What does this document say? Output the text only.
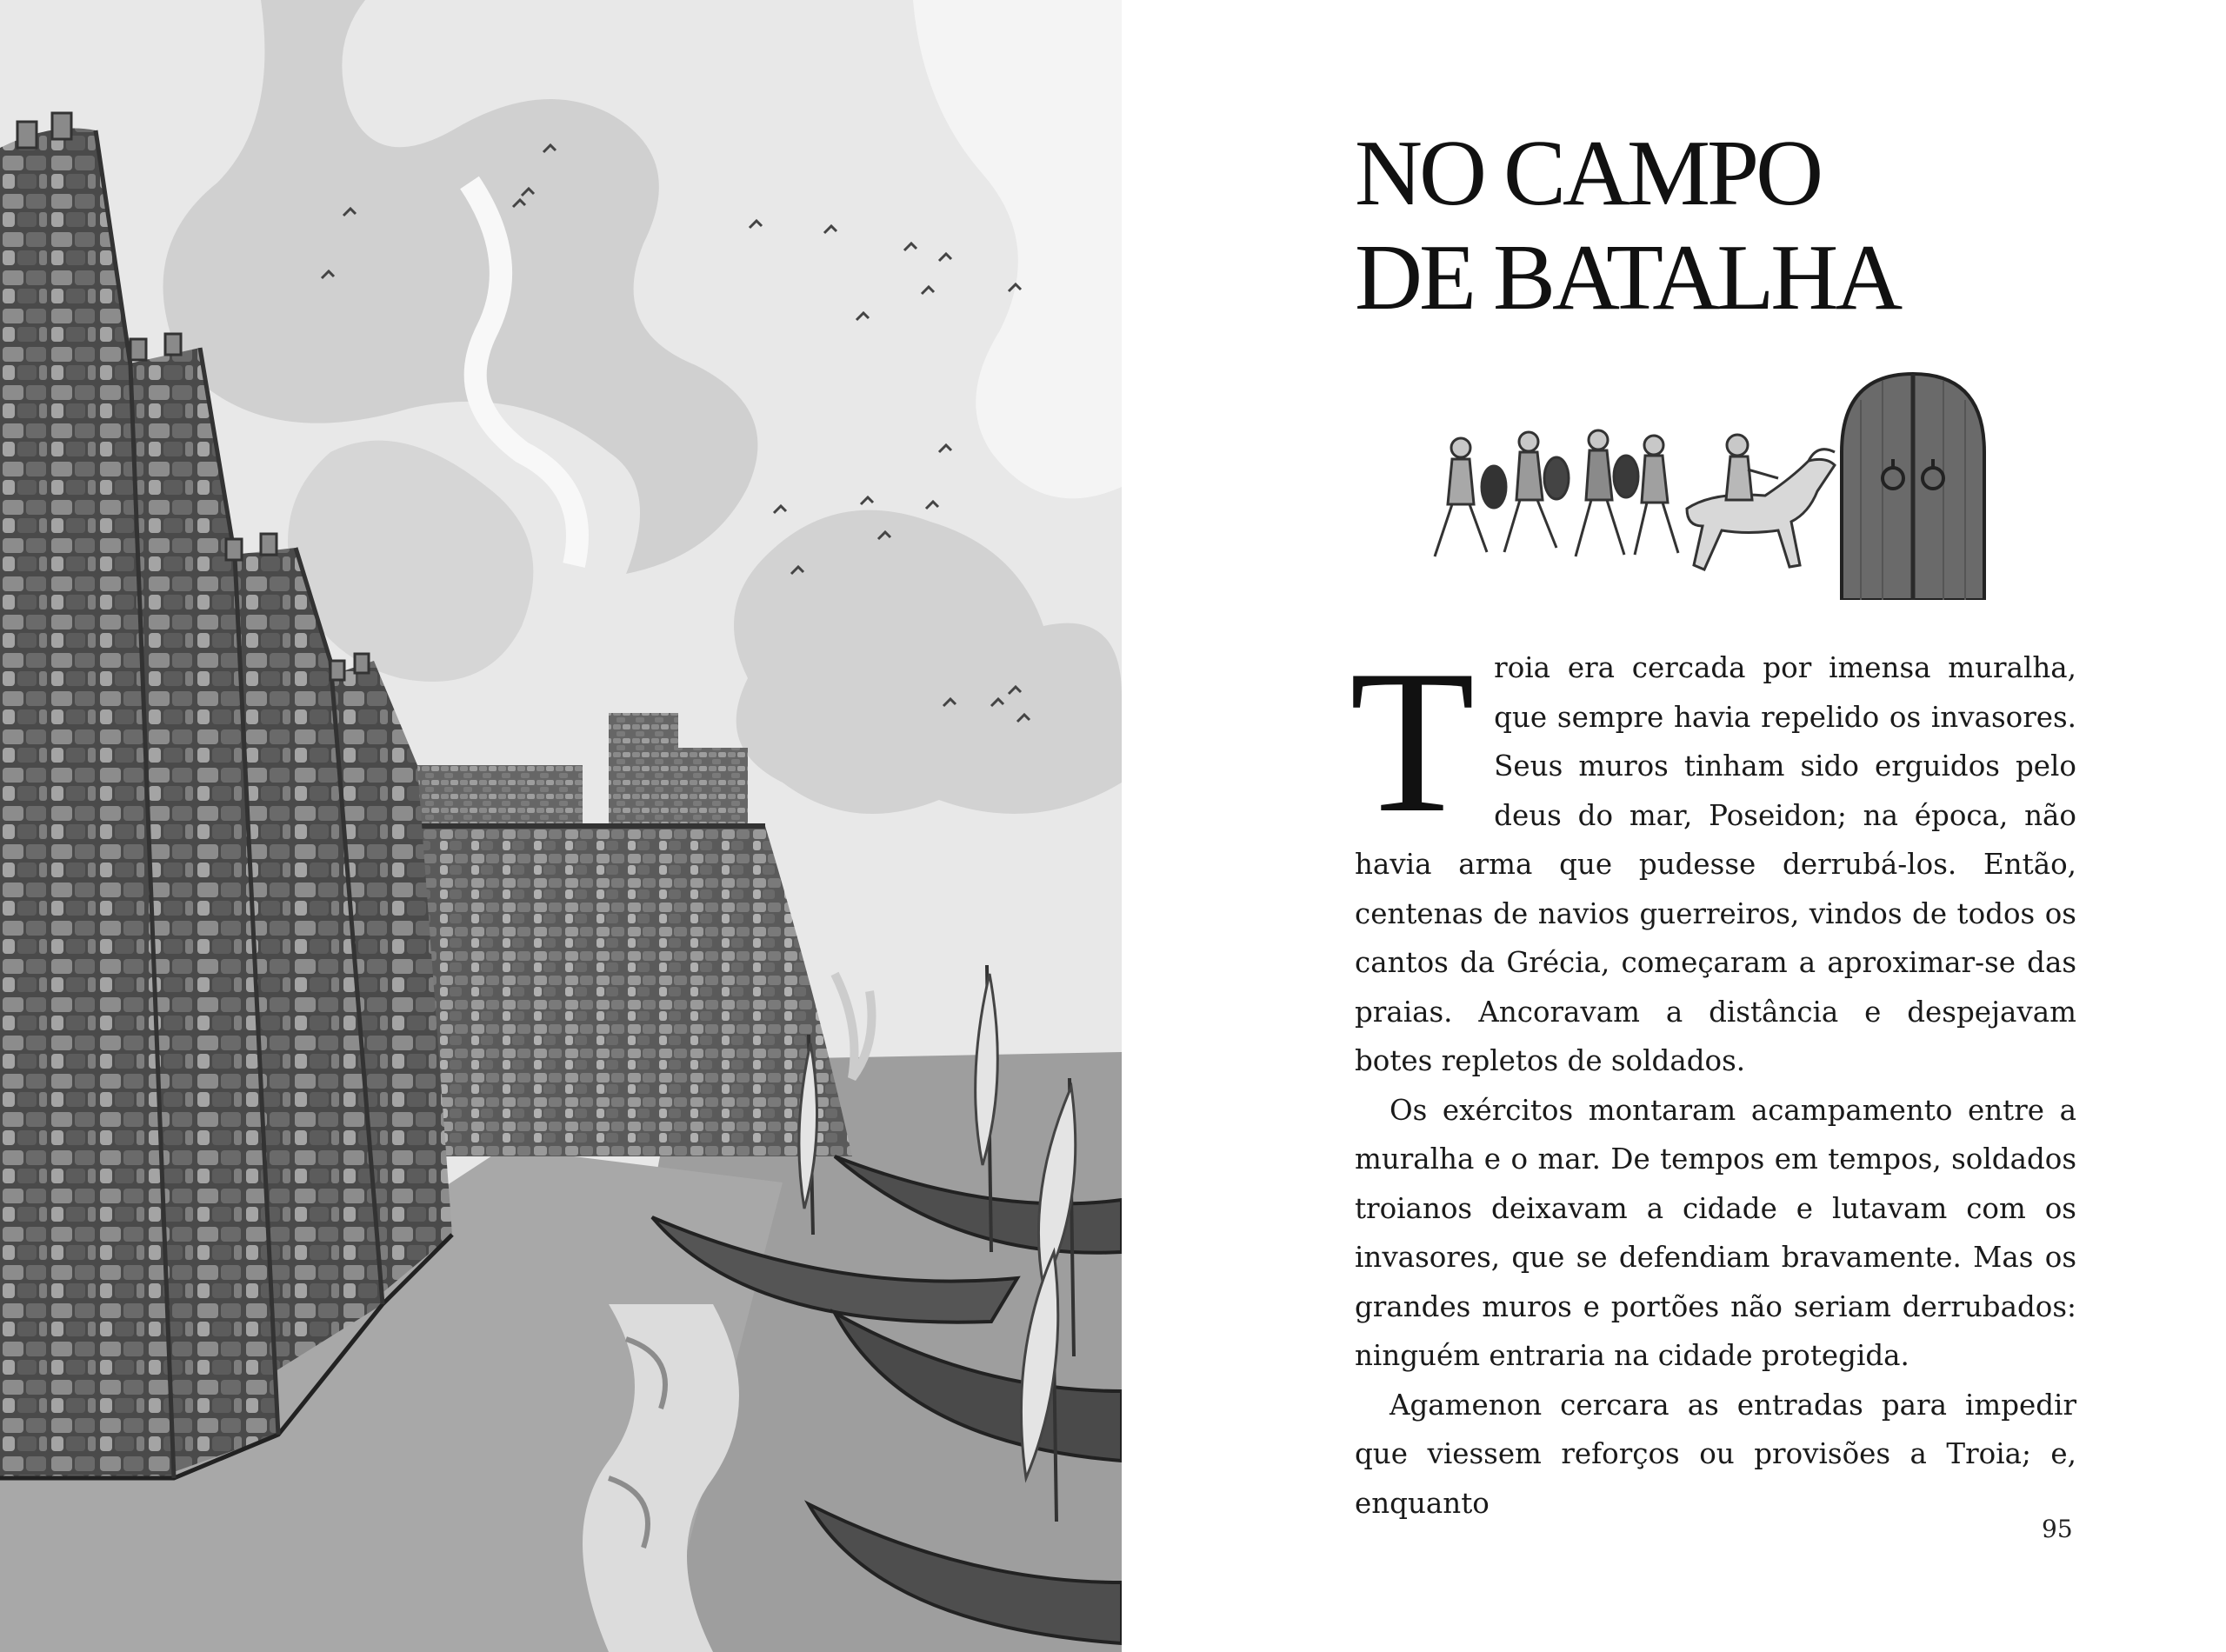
NO CAMPO
DE BATALHA

Troia era cercada por imensa muralha, que sempre havia repelido os invasores. Seus muros tinham sido erguidos pelo deus do mar, Poseidon; na época, não havia arma que pudesse derrubá-los. Então, centenas de navios guerreiros, vindos de todos os cantos da Grécia, começaram a aproximar-se das praias. Ancoravam a distância e despejavam botes repletos de soldados.

Os exércitos montaram acampamento entre a muralha e o mar. De tempos em tempos, soldados troianos deixavam a cidade e lutavam com os invasores, que se defendiam bravamente. Mas os grandes muros e portões não seriam derrubados: ninguém entraria na cidade protegida.

Agamenon cercara as entradas para impedir que viessem reforços ou provisões a Troia; e, enquanto

95
